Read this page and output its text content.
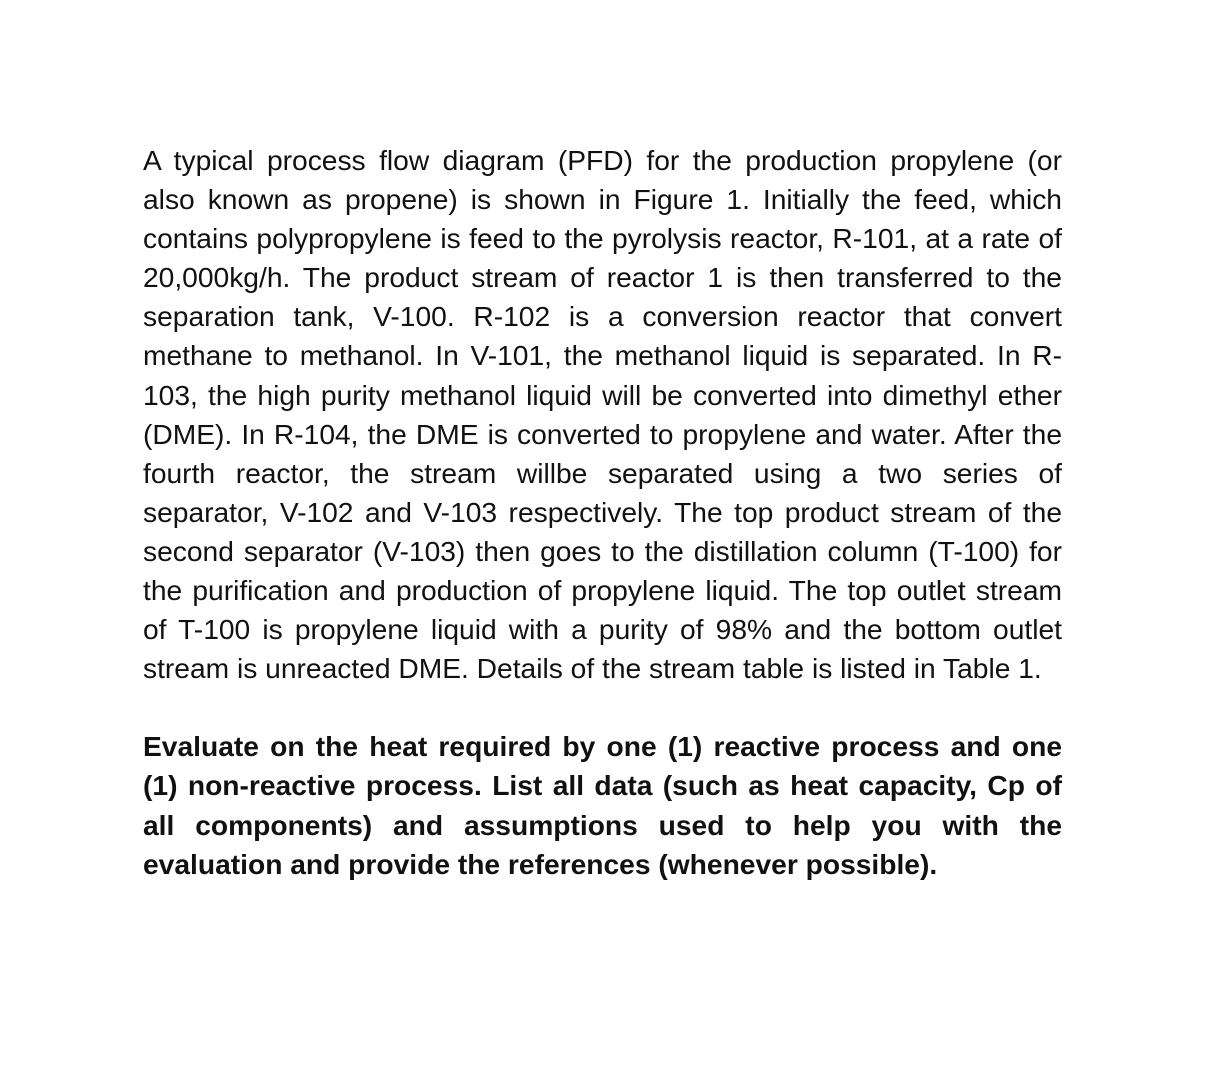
A typical process flow diagram (PFD) for the production propylene (or also known as propene) is shown in Figure 1. Initially the feed, which contains polypropylene is feed to the pyrolysis reactor, R-101, at a rate of 20,000kg/h. The product stream of reactor 1 is then transferred to the separation tank, V-100. R-102 is a conversion reactor that convert methane to methanol. In V-101, the methanol liquid is separated. In R-103, the high purity methanol liquid will be converted into dimethyl ether (DME). In R-104, the DME is converted to propylene and water. After the fourth reactor, the stream willbe separated using a two series of separator, V-102 and V-103 respectively. The top product stream of the second separator (V-103) then goes to the distillation column (T-100) for the purification and production of propylene liquid. The top outlet stream of T-100 is propylene liquid with a purity of 98% and the bottom outlet stream is unreacted DME. Details of the stream table is listed in Table 1.

Evaluate on the heat required by one (1) reactive process and one (1) non-reactive process. List all data (such as heat capacity, Cp of all components) and assumptions used to help you with the evaluation and provide the references (whenever possible).
